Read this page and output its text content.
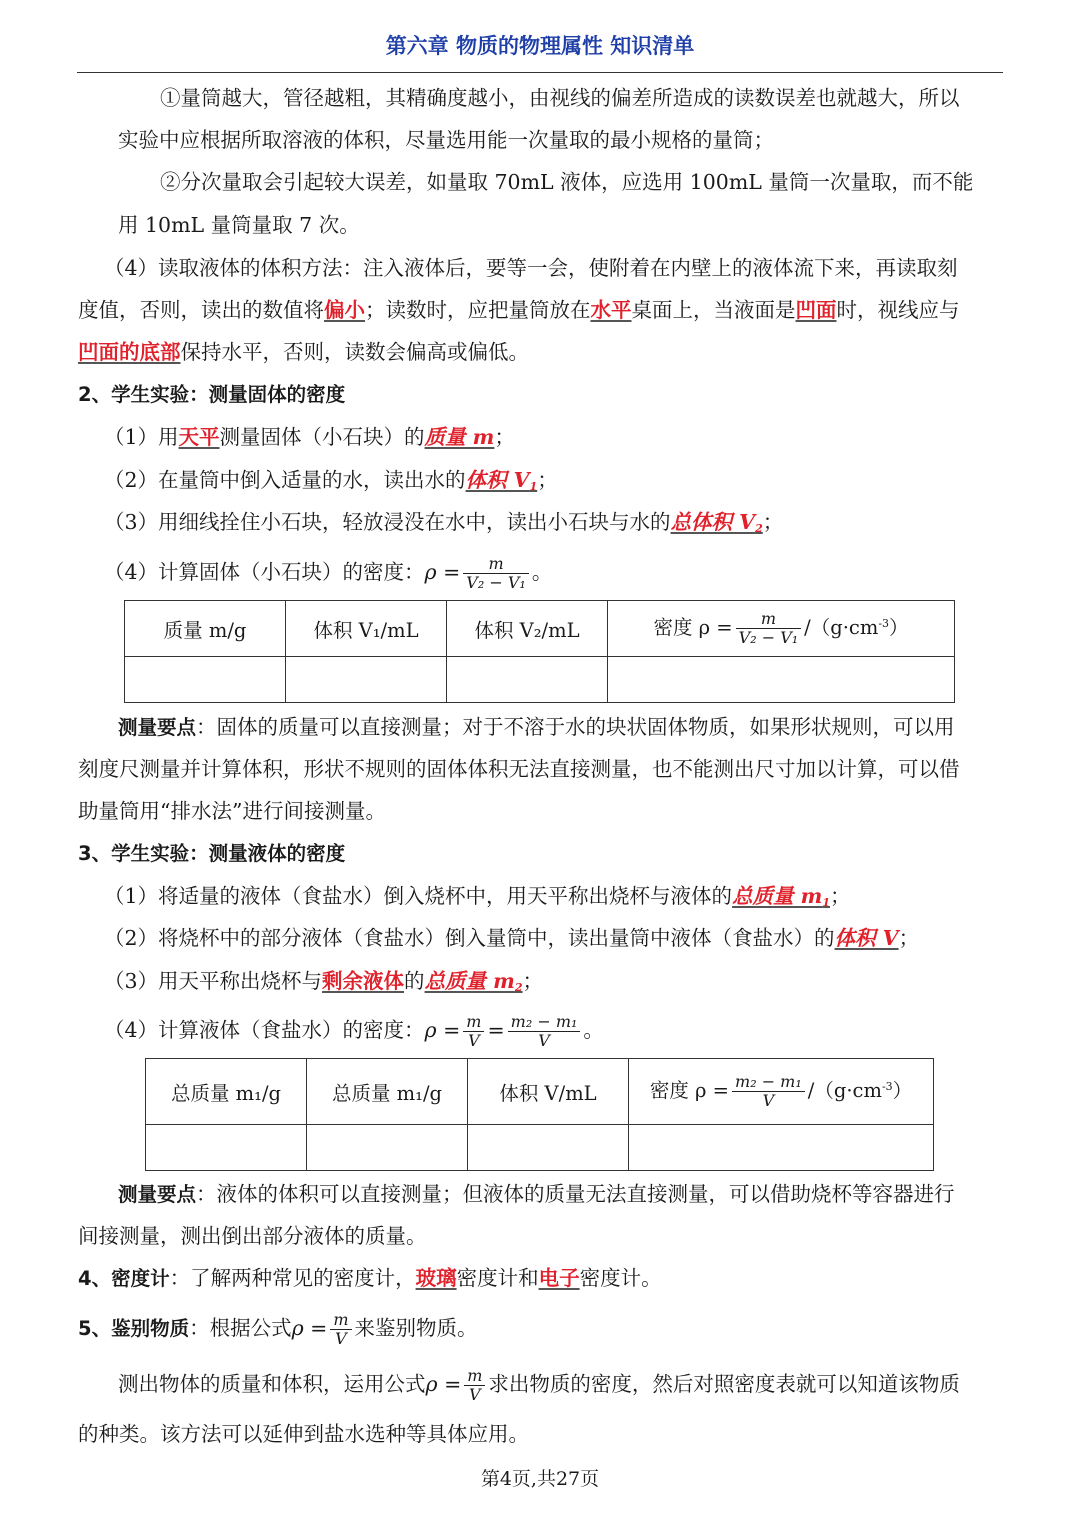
第六章 物质的物理属性 知识清单
①量筒越大，管径越粗，其精确度越小，由视线的偏差所造成的读数误差也就越大，所以
实验中应根据所取溶液的体积，尽量选用能一次量取的最小规格的量筒；
②分次量取会引起较大误差，如量取 70mL 液体，应选用 100mL 量筒一次量取，而不能
用 10mL 量筒量取 7 次。
（4）读取液体的体积方法：注入液体后，要等一会，使附着在内壁上的液体流下来，再读取刻
度值，否则，读出的数值将偏小；读数时，应把量筒放在水平桌面上，当液面是凹面时，视线应与
凹面的底部保持水平，否则，读数会偏高或偏低。
2、学生实验：测量固体的密度
（1）用天平测量固体（小石块）的质量 m；
（2）在量筒中倒入适量的水，读出水的体积 $V_1$；
（3）用细线拴住小石块，轻放浸没在水中，读出小石块与水的总体积 $V_2$；
（4）计算固体（小石块）的密度：$\rho = \frac{m}{\text{V₂ − V₁}}$ 。
质量 m/g	体积 V₁/mL	体积 V₂/mL	密度 $\rho = \frac{m}{\text{V₂ − V₁}} /(g\cdot cm^{-3})$

测量要点：固体的质量可以直接测量；对于不溶于水的块状固体物质，如果形状规则，可以用
刻度尺测量并计算体积，形状不规则的固体体积无法直接测量，也不能测出尺寸加以计算，可以借
助量筒用“排水法”进行间接测量。
3、学生实验：测量液体的密度
（1）将适量的液体（食盐水）倒入烧杯中，用天平称出烧杯与液体的总质量 $m_1$；
（2）将烧杯中的部分液体（食盐水）倒入量筒中，读出量筒中液体（食盐水）的体积 V；
（3）用天平称出烧杯与剩余液体的总质量 $m_2$；
（4）计算液体（食盐水）的密度：$\rho = \frac{m}{V} = \frac{\text{m₂ − m₁}}{V}$ 。
总质量 m₁/g	总质量 m₁/g	体积 V/mL	密度 $\rho = \frac{\text{m₂ − m₁}}{V} /(g\cdot cm^{-3})$

测量要点：液体的体积可以直接测量；但液体的质量无法直接测量，可以借助烧杯等容器进行
间接测量，测出倒出部分液体的质量。
4、密度计：了解两种常见的密度计，玻璃密度计和电子密度计。
5、鉴别物质：根据公式$\rho = \frac{m}{V}$ 来鉴别物质。
测出物体的质量和体积，运用公式$\rho = \frac{m}{V}$ 求出物质的密度，然后对照密度表就可以知道该物质
的种类。该方法可以延伸到盐水选种等具体应用。
第4页,共27页
